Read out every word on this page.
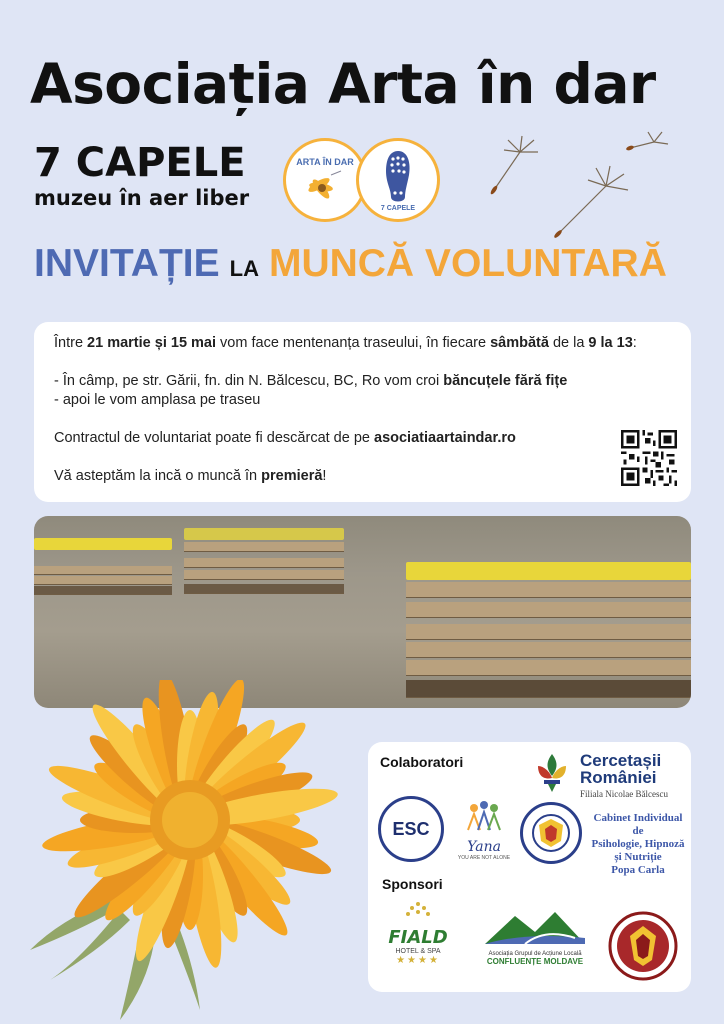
Asociația Arta în dar
7 CAPELE
muzeu în aer liber
ARTA ÎN DAR
7 CAPELE
INVITAȚIE LA MUNCĂ VOLUNTARĂ

Între 21 martie și 15 mai vom face mentenanța traseului, în fiecare sâmbătă de la 9 la 13:

- În câmp, pe str. Gării, fn. din N. Bălcescu, BC, Ro vom croi băncuțele fără fițe

- apoi le vom amplasa pe traseu

Contractul de voluntariat poate fi descărcat de pe asociatiaartaindar.ro

Vă asteptăm la incă o muncă în premieră!

Colaboratori	Cercetașii
României
Filiala Nicolae Bălcescu
ESC
Yana
YOU ARE NOT ALONE
Cabinet Individual de
Psihologie, Hipnoză
și Nutriție
Popa Carla
Sponsori
FIALD
HOTEL & SPA
★★★★
Asociația Grupul de Acțiune Locală
CONFLUENȚE MOLDAVE
